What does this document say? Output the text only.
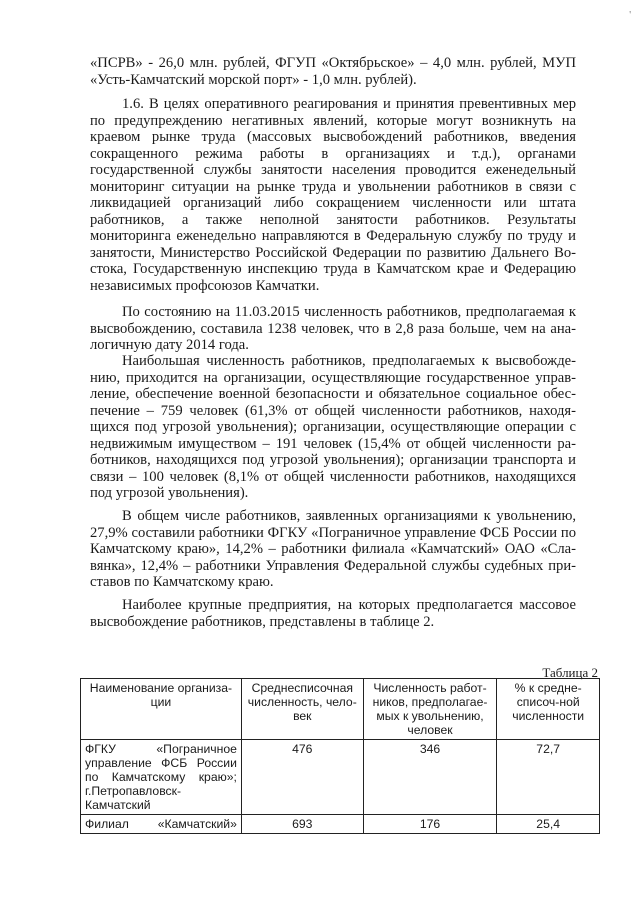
'
«ПСРВ» - 26,0 млн. рублей, ФГУП «Октябрьское» – 4,0 млн. рублей, МУП
«Усть-Камчатский морской порт» - 1,0 млн. рублей).
1.6. В целях оперативного реагирования и принятия превентивных мер
по предупреждению негативных явлений, которые могут возникнуть на
краевом рынке труда (массовых высвобождений работников, введения
сокращенного режима работы в организациях и т.д.), органами
государственной службы занятости населения проводится еженедельный
мониторинг ситуации на рынке труда и увольнении работников в связи с
ликвидацией организаций либо сокращением численности или штата
работников, а также неполной занятости работников. Результаты
мониторинга еженедельно направляются в Федеральную службу по труду и
занятости, Министерство Российской Федерации по развитию Дальнего Во-
стока, Государственную инспекцию труда в Камчатском крае и Федерацию
независимых профсоюзов Камчатки.
По состоянию на 11.03.2015 численность работников, предполагаемая к
высвобождению, составила 1238 человек, что в 2,8 раза больше, чем на ана-
логичную дату 2014 года.
Наибольшая численность работников, предполагаемых к высвобожде-
нию, приходится на организации, осуществляющие государственное управ-
ление, обеспечение военной безопасности и обязательное социальное обес-
печение – 759 человек (61,3% от общей численности работников, находя-
щихся под угрозой увольнения); организации, осуществляющие операции с
недвижимым имуществом – 191 человек (15,4% от общей численности ра-
ботников, находящихся под угрозой увольнения); организации транспорта и
связи – 100 человек (8,1% от общей численности работников, находящихся
под угрозой увольнения).
В общем числе работников, заявленных организациями к увольнению,
27,9% составили работники ФГКУ «Пограничное управление ФСБ России по
Камчатскому краю», 14,2% – работники филиала «Камчатский» ОАО «Сла-
вянка», 12,4% – работники Управления Федеральной службы судебных при-
ставов по Камчатскому краю.
Наиболее крупные предприятия, на которых предполагается массовое
высвобождение работников, представлены в таблице 2.
Таблица 2
Наименование организа-ции	Среднесписочная численность, чело-век	Численность работ-ников, предполагае-мых к увольнению, человек	% к средне-списоч-ной численности

ФГКУ «Пограничное
управление ФСБ России
по Камчатскому краю»;
г.Петропавловск-
Камчатский	476	346	72,7

Филиал «Камчатский»	693	176	25,4
